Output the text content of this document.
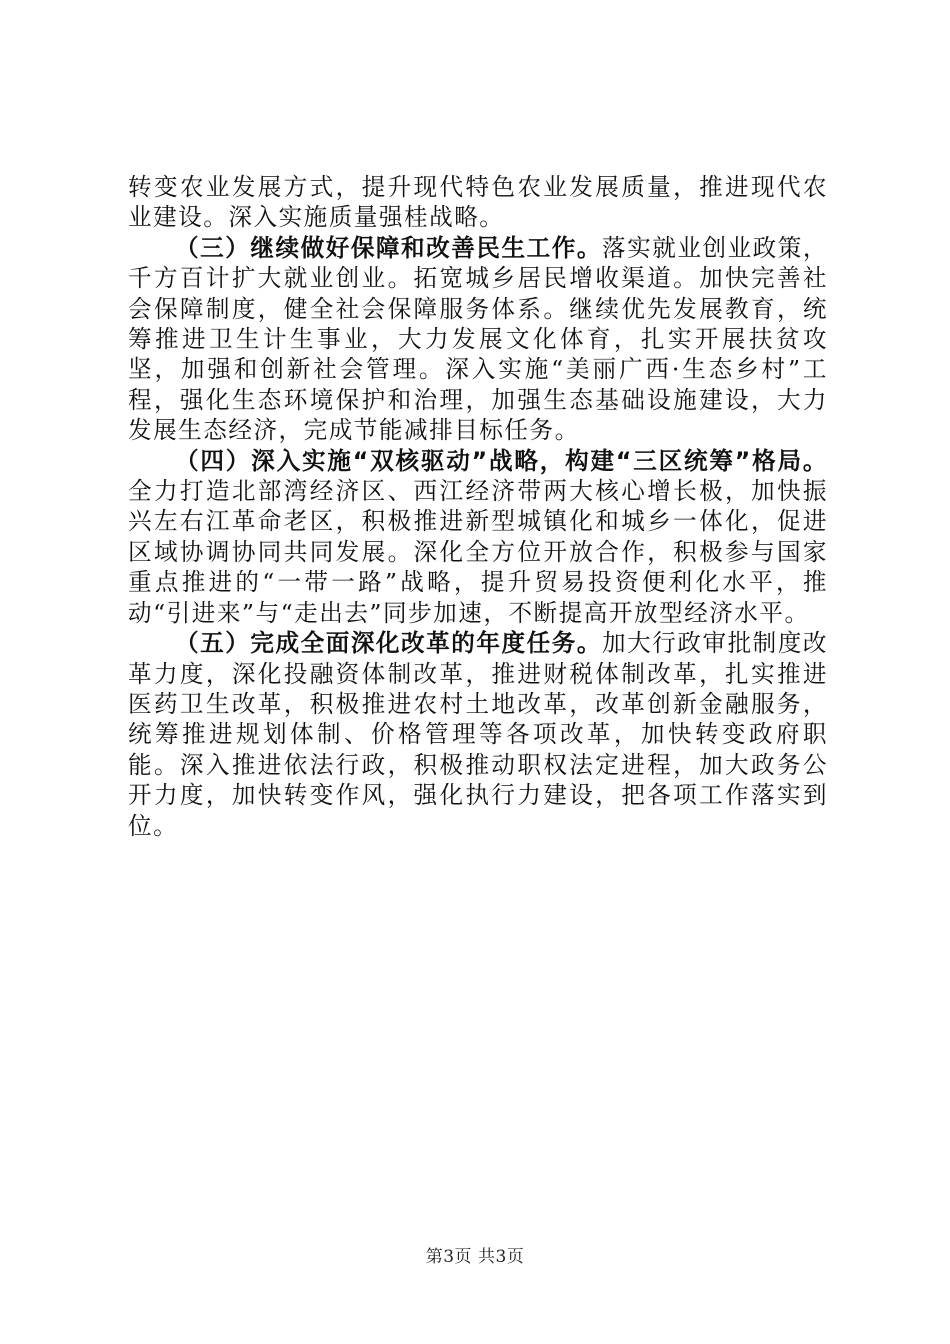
转变农业发展方式，提升现代特色农业发展质量，推进现代农业建设。深入实施质量强桂战略。

（三）继续做好保障和改善民生工作。落实就业创业政策，千方百计扩大就业创业。拓宽城乡居民增收渠道。加快完善社会保障制度，健全社会保障服务体系。继续优先发展教育，统筹推进卫生计生事业，大力发展文化体育，扎实开展扶贫攻坚，加强和创新社会管理。深入实施“美丽广西·生态乡村”工程，强化生态环境保护和治理，加强生态基础设施建设，大力发展生态经济，完成节能减排目标任务。

（四）深入实施“双核驱动”战略，构建“三区统筹”格局。全力打造北部湾经济区、西江经济带两大核心增长极，加快振兴左右江革命老区，积极推进新型城镇化和城乡一体化，促进区域协调协同共同发展。深化全方位开放合作，积极参与国家重点推进的“一带一路”战略，提升贸易投资便利化水平，推动“引进来”与“走出去”同步加速，不断提高开放型经济水平。

（五）完成全面深化改革的年度任务。加大行政审批制度改革力度，深化投融资体制改革，推进财税体制改革，扎实推进医药卫生改革，积极推进农村土地改革，改革创新金融服务，统筹推进规划体制、价格管理等各项改革，加快转变政府职能。深入推进依法行政，积极推动职权法定进程，加大政务公开力度，加快转变作风，强化执行力建设，把各项工作落实到位。

第3页 共3页
